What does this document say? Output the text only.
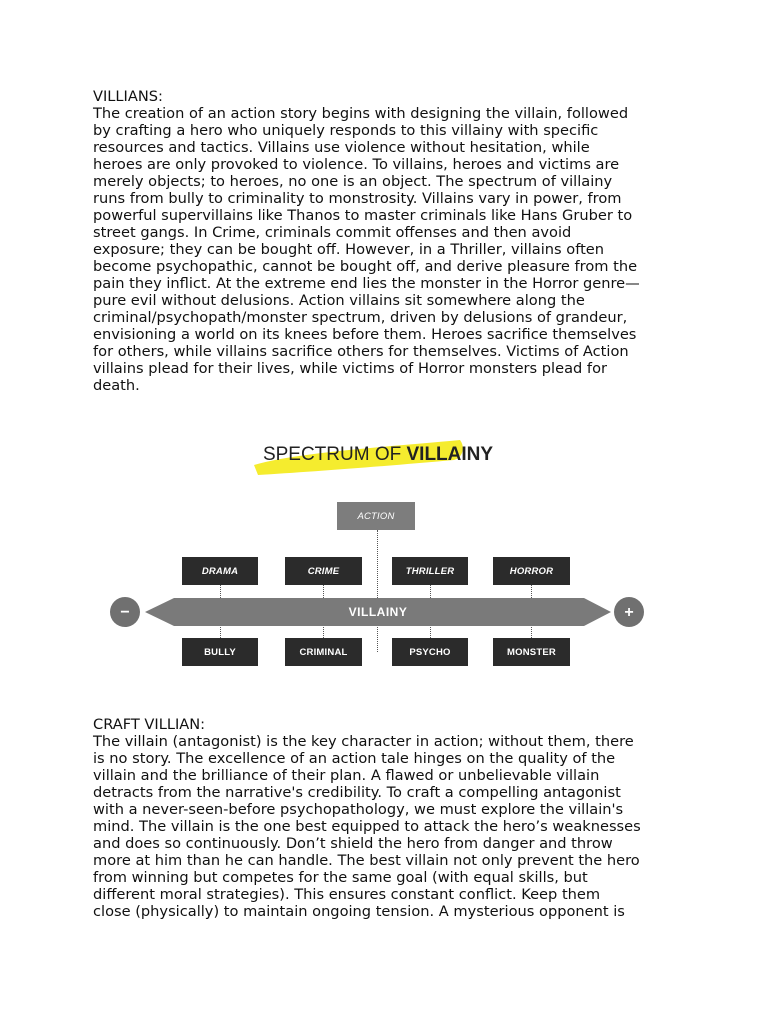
VILLIANS:

The creation of an action story begins with designing the villain, followed
by crafting a hero who uniquely responds to this villainy with specific
resources and tactics. Villains use violence without hesitation, while
heroes are only provoked to violence. To villains, heroes and victims are
merely objects; to heroes, no one is an object. The spectrum of villainy
runs from bully to criminality to monstrosity. Villains vary in power, from
powerful supervillains like Thanos to master criminals like Hans Gruber to
street gangs. In Crime, criminals commit offenses and then avoid
exposure; they can be bought off. However, in a Thriller, villains often
become psychopathic, cannot be bought off, and derive pleasure from the
pain they inflict. At the extreme end lies the monster in the Horror genre—
pure evil without delusions. Action villains sit somewhere along the
criminal/psychopath/monster spectrum, driven by delusions of grandeur,
envisioning a world on its knees before them. Heroes sacrifice themselves
for others, while villains sacrifice others for themselves. Victims of Action
villains plead for their lives, while victims of Horror monsters plead for
death.

SPECTRUM OF VILLAINY
ACTION
DRAMA	CRIME	THRILLER	HORROR
−	+
VILLAINY
BULLY	CRIMINAL	PSYCHO	MONSTER

CRAFT VILLIAN:

The villain (antagonist) is the key character in action; without them, there
is no story. The excellence of an action tale hinges on the quality of the
villain and the brilliance of their plan. A flawed or unbelievable villain
detracts from the narrative's credibility. To craft a compelling antagonist
with a never-seen-before psychopathology, we must explore the villain's
mind. The villain is the one best equipped to attack the hero’s weaknesses
and does so continuously. Don’t shield the hero from danger and throw
more at him than he can handle. The best villain not only prevent the hero
from winning but competes for the same goal (with equal skills, but
different moral strategies). This ensures constant conflict. Keep them
close (physically) to maintain ongoing tension. A mysterious opponent is
